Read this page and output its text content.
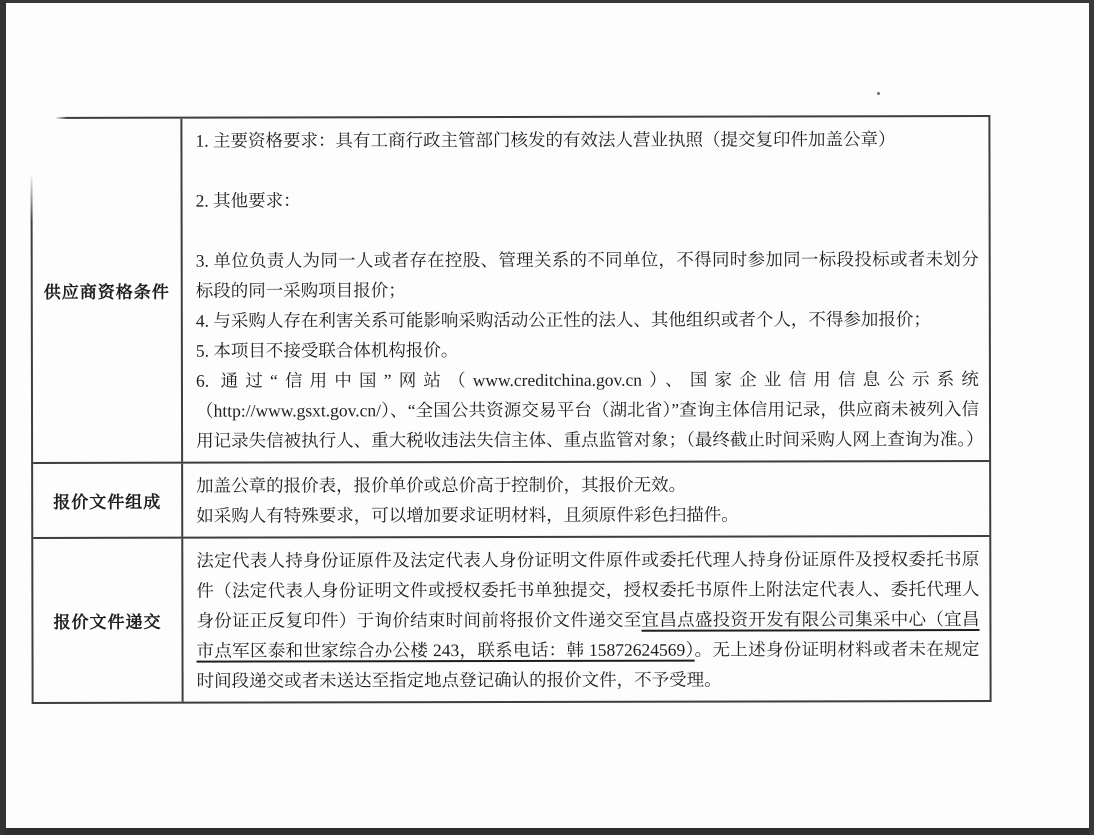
供应商资格条件

1. 主要资格要求：具有工商行政主管部门核发的有效法人营业执照（提交复印件加盖公章）

2. 其他要求：

3. 单位负责人为同一人或者存在控股、管理关系的不同单位，不得同时参加同一标段投标或者未划分标段的同一采购项目报价；

4. 与采购人存在利害关系可能影响采购活动公正性的法人、其他组织或者个人，不得参加报价；

5. 本项目不接受联合体机构报价。

6. 通过“信用中国”网站（www.creditchina.gov.cn）、国家企业信用信息公示系统（http://www.gsxt.gov.cn/）、“全国公共资源交易平台（湖北省）”查询主体信用记录，供应商未被列入信用记录失信被执行人、重大税收违法失信主体、重点监管对象；（最终截止时间采购人网上查询为准。）

报价文件组成

加盖公章的报价表，报价单价或总价高于控制价，其报价无效。

如采购人有特殊要求，可以增加要求证明材料，且须原件彩色扫描件。

报价文件递交

法定代表人持身份证原件及法定代表人身份证明文件原件或委托代理人持身份证原件及授权委托书原件（法定代表人身份证明文件或授权委托书单独提交，授权委托书原件上附法定代表人、委托代理人身份证正反复印件）于询价结束时间前将报价文件递交至宜昌点盛投资开发有限公司集采中心（宜昌市点军区泰和世家综合办公楼 243，联系电话：韩 15872624569）。无上述身份证明材料或者未在规定时间段递交或者未送达至指定地点登记确认的报价文件，不予受理。
